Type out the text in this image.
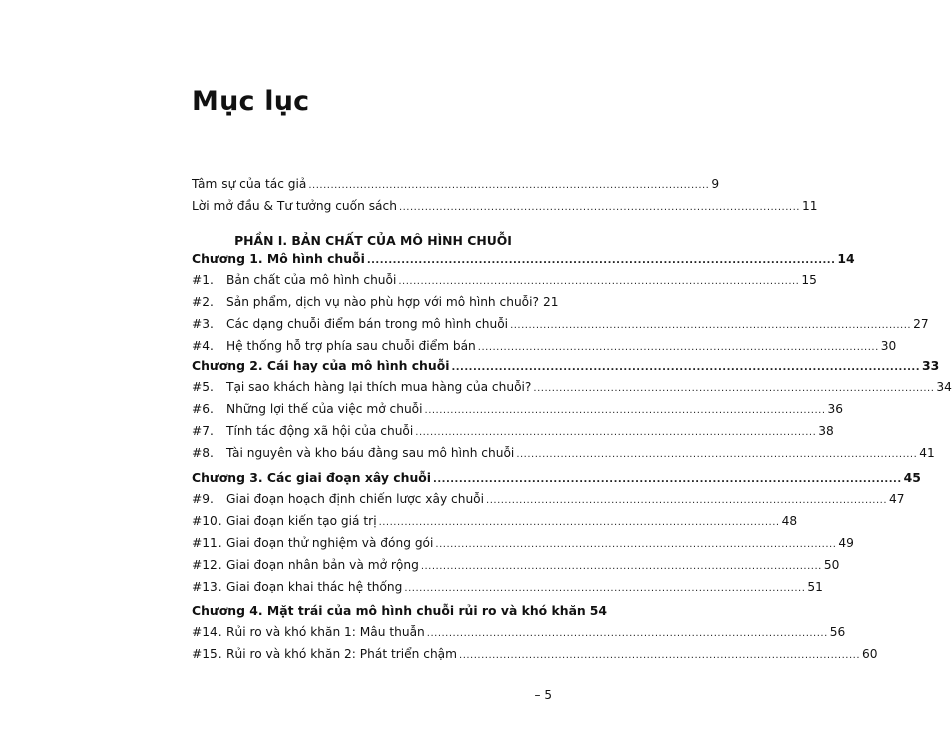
Mục lục
Tâm sự của tác giả ............................................................................................................. 9
Lời mở đầu & Tư tưởng cuốn sách ............................................................................................................. 11
PHẦN I. BẢN CHẤT CỦA MÔ HÌNH CHUỖI
Chương 1. Mô hình chuỗi ............................................................................................................. 14
#1. Bản chất của mô hình chuỗi ............................................................................................................. 15
#2. Sản phẩm, dịch vụ nào phù hợp với mô hình chuỗi? 21
#3. Các dạng chuỗi điểm bán trong mô hình chuỗi ............................................................................................................. 27
#4. Hệ thống hỗ trợ phía sau chuỗi điểm bán ............................................................................................................. 30
Chương 2. Cái hay của mô hình chuỗi ............................................................................................................. 33
#5. Tại sao khách hàng lại thích mua hàng của chuỗi? ............................................................................................................. 34
#6. Những lợi thế của việc mở chuỗi ............................................................................................................. 36
#7. Tính tác động xã hội của chuỗi ............................................................................................................. 38
#8. Tài nguyên và kho báu đằng sau mô hình chuỗi ............................................................................................................. 41
Chương 3. Các giai đoạn xây chuỗi ............................................................................................................. 45
#9. Giai đoạn hoạch định chiến lược xây chuỗi ............................................................................................................. 47
#10. Giai đoạn kiến tạo giá trị ............................................................................................................. 48
#11. Giai đoạn thử nghiệm và đóng gói ............................................................................................................. 49
#12. Giai đoạn nhân bản và mở rộng ............................................................................................................. 50
#13. Giai đoạn khai thác hệ thống ............................................................................................................. 51
Chương 4. Mặt trái của mô hình chuỗi rủi ro và khó khăn 54
#14. Rủi ro và khó khăn 1: Mâu thuẫn ............................................................................................................. 56
#15. Rủi ro và khó khăn 2: Phát triển chậm ............................................................................................................. 60
– 5
